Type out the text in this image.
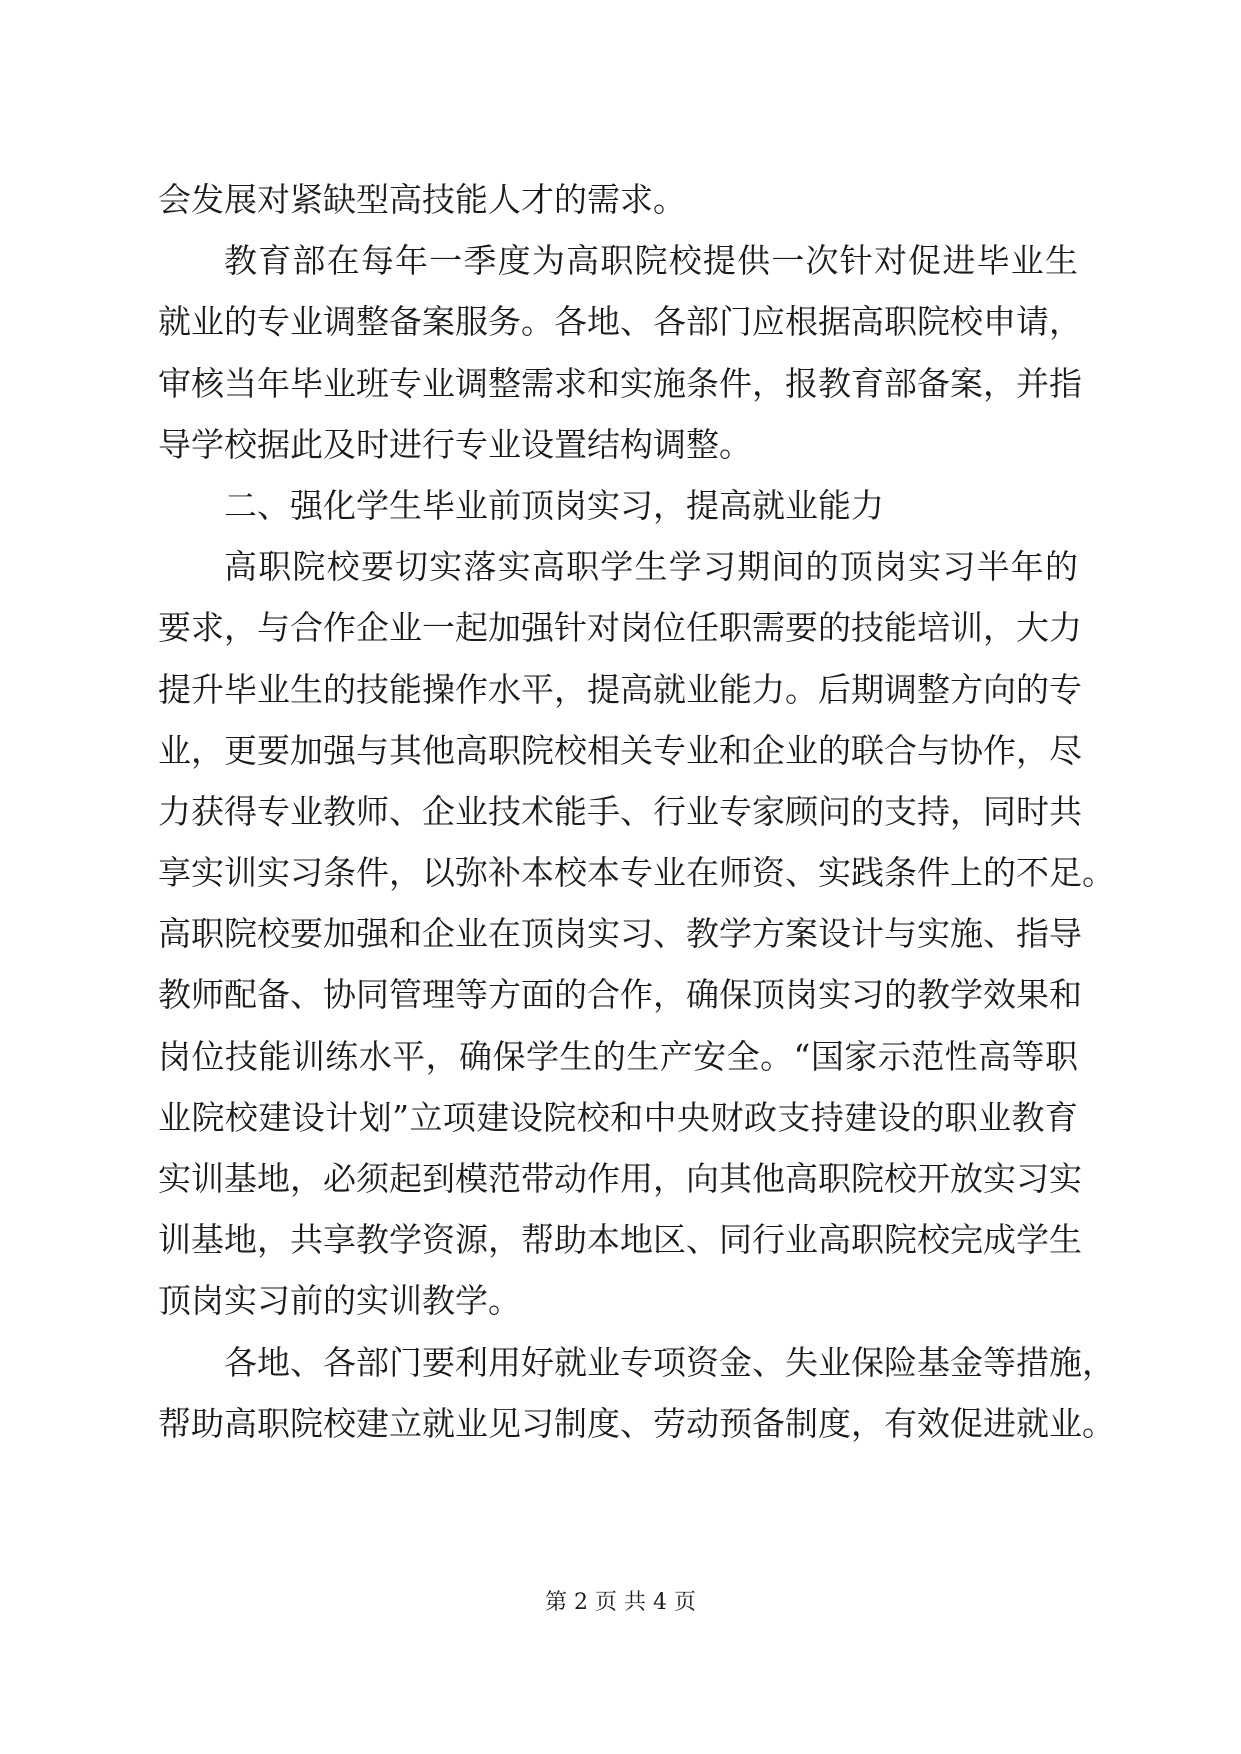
会发展对紧缺型高技能人才的需求。
教育部在每年一季度为高职院校提供一次针对促进毕业生
就业的专业调整备案服务。各地、各部门应根据高职院校申请，
审核当年毕业班专业调整需求和实施条件，报教育部备案，并指
导学校据此及时进行专业设置结构调整。
二、强化学生毕业前顶岗实习，提高就业能力
高职院校要切实落实高职学生学习期间的顶岗实习半年的
要求，与合作企业一起加强针对岗位任职需要的技能培训，大力
提升毕业生的技能操作水平，提高就业能力。后期调整方向的专
业，更要加强与其他高职院校相关专业和企业的联合与协作，尽
力获得专业教师、企业技术能手、行业专家顾问的支持，同时共
享实训实习条件，以弥补本校本专业在师资、实践条件上的不足。
高职院校要加强和企业在顶岗实习、教学方案设计与实施、指导
教师配备、协同管理等方面的合作，确保顶岗实习的教学效果和
岗位技能训练水平，确保学生的生产安全。“国家示范性高等职
业院校建设计划”立项建设院校和中央财政支持建设的职业教育
实训基地，必须起到模范带动作用，向其他高职院校开放实习实
训基地，共享教学资源，帮助本地区、同行业高职院校完成学生
顶岗实习前的实训教学。
各地、各部门要利用好就业专项资金、失业保险基金等措施，
帮助高职院校建立就业见习制度、劳动预备制度，有效促进就业。
第 2 页 共 4 页
